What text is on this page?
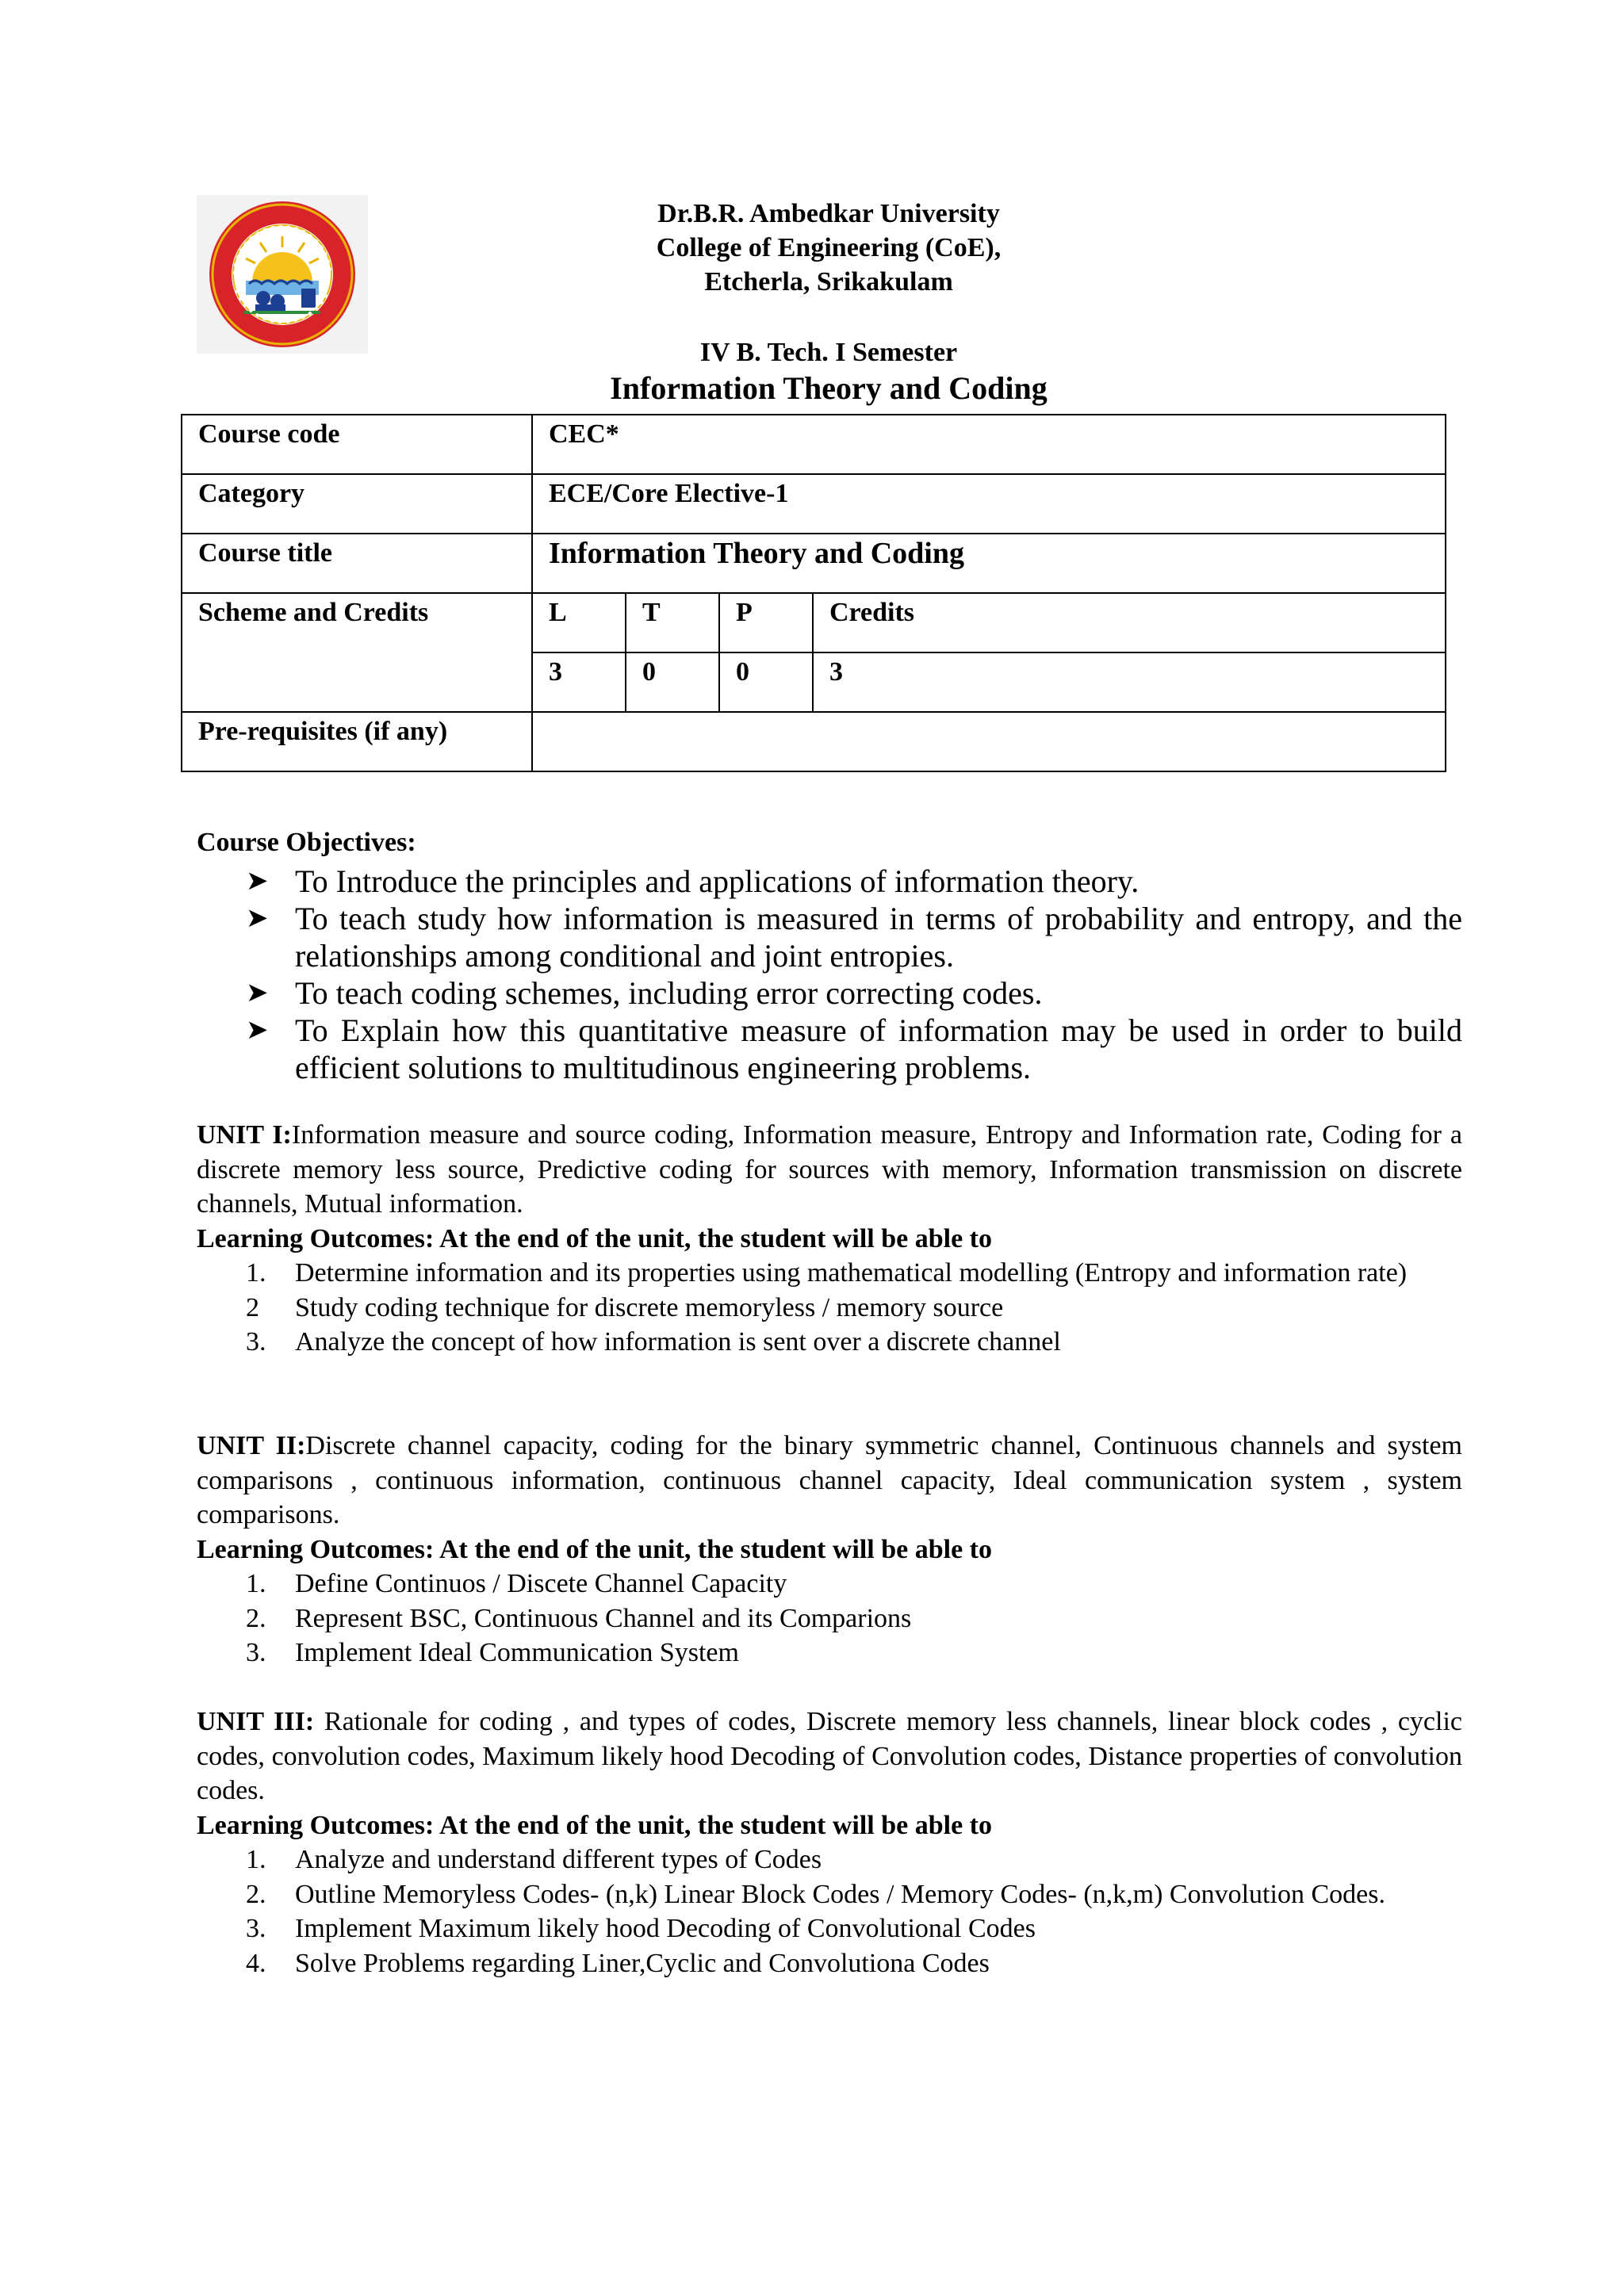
Dr.B.R. Ambedkar University
College of Engineering (CoE),
Etcherla, Srikakulam
IV B. Tech. I Semester
Information Theory and Coding
Course code	CEC*			
Category	ECE/Core Elective-1			
Course title	Information Theory and Coding			
Scheme and Credits	L	T	P	Credits
	3	0	0	3
Pre-requisites (if any)				
Course Objectives:
➤ To Introduce the principles and applications of information theory.
➤ To teach study how information is measured in terms of probability and entropy, and the relationships among conditional and joint entropies.
➤ To teach coding schemes, including error correcting codes.
➤ To Explain how this quantitative measure of information may be used in order to build efficient solutions to multitudinous engineering problems.

UNIT I:Information measure and source coding, Information measure, Entropy and Information rate, Coding for a discrete memory less source, Predictive coding for sources with memory, Information transmission on discrete channels, Mutual information.

Learning Outcomes: At the end of the unit, the student will be able to
1. Determine information and its properties using mathematical modelling (Entropy and information rate)
2 Study coding technique for discrete memoryless / memory source
3. Analyze the concept of how information is sent over a discrete channel

UNIT II:Discrete channel capacity, coding for the binary symmetric channel, Continuous channels and system comparisons , continuous information, continuous channel capacity, Ideal communication system , system comparisons.

Learning Outcomes: At the end of the unit, the student will be able to
1. Define Continuos / Discete Channel Capacity
2. Represent BSC, Continuous Channel and its Comparions
3. Implement Ideal Communication System

UNIT III: Rationale for coding , and types of codes, Discrete memory less channels, linear block codes , cyclic codes, convolution codes, Maximum likely hood Decoding of Convolution codes, Distance properties of convolution codes.

Learning Outcomes: At the end of the unit, the student will be able to
1. Analyze and understand different types of Codes
2. Outline Memoryless Codes- (n,k) Linear Block Codes / Memory Codes- (n,k,m) Convolution Codes.
3. Implement Maximum likely hood Decoding of Convolutional Codes
4. Solve Problems regarding Liner,Cyclic and Convolutiona Codes
